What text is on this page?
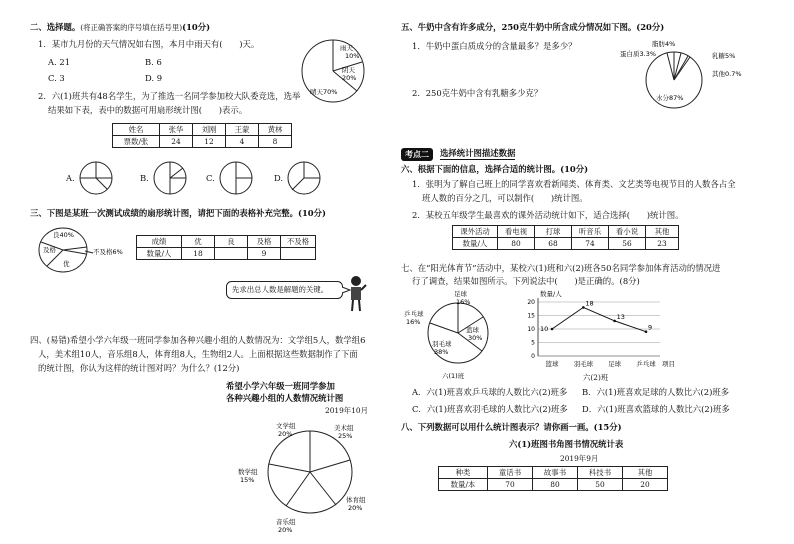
二、选择题。(将正确答案的序号填在括号里)(10分)
1．某市九月份的天气情况如右图，本月中雨天有(　　)天。
A. 21	B. 6
C. 3	D. 9
雨天
10%
阴天
20%
晴天70%
2．六(1)班共有48名学生，为了推选一名同学参加校大队委竞选，选举
结果如下表，表中的数据可用扇形统计图(　　)表示。
姓名	张华	刘刚	王蒙	黄林
票数/张	24	12	4	8
A.	B.	C.	D.
三、下图是某班一次测试成绩的扇形统计图，请把下面的表格补充完整。(10分)
良40%
及格
优
不及格6%
成绩	优	良	及格	不及格
数量/人	18		9	
先求出总人数是解题的关键。
四、(易错)希望小学六年级一班同学参加各种兴趣小组的人数情况为：文学组5人，数学组6
人，美术组10人，音乐组8人，体育组8人，生物组2人。上面根据这些数据制作了下面
的统计图，你认为这样的统计图对吗？为什么？(12分)
希望小学六年级一班同学参加
各种兴趣小组的人数情况统计图
2019年10月
文学组
20%
美术组
25%
数学组
15%
音乐组
20%
体育组
20%
五、牛奶中含有许多成分，250克牛奶中所含成分情况如下图。(20分)
1．牛奶中蛋白质成分的含量最多？是多少？
2．250克牛奶中含有乳糖多少克？
脂肪4%
蛋白质3.3%	乳糖5%
其他0.7%
水分87%
考点二	选择统计图描述数据
六、根据下面的信息，选择合适的统计图。(10分)
1．张明为了解自己班上的同学喜欢看新闻类、体育类、文艺类等电视节目的人数各占全
班人数的百分之几，可以制作(　　)统计图。
2．某校五年级学生最喜欢的课外活动统计如下，适合选择(　　)统计图。
课外活动	看电视	打球	听音乐	看小说	其他
数量/人	80	68	74	56	23
七、在“阳光体育节”活动中，某校六(1)班和六(2)班各50名同学参加体育活动的情况进
行了调查，结果如图所示。下列说法中(　　)是正确的。(8分)
足球
16%
乒乓球
16%
羽毛球
38%
篮球
30%
六(1)班
0
5
10
15
20
数量/人
10
18
13
9
篮球 羽毛球 足球 乒乓球 项目
六(2)班
A．六(1)班喜欢乒乓球的人数比六(2)班多 B．六(1)班喜欢足球的人数比六(2)班多
C．六(1)班喜欢羽毛球的人数比六(2)班多 D．六(1)班喜欢篮球的人数比六(2)班多
八、下列数据可以用什么统计图表示？请你画一画。(15分)
六(1)班图书角图书情况统计表
2019年9月
种类	童话书	故事书	科技书	其他
数量/本	70	80	50	20
